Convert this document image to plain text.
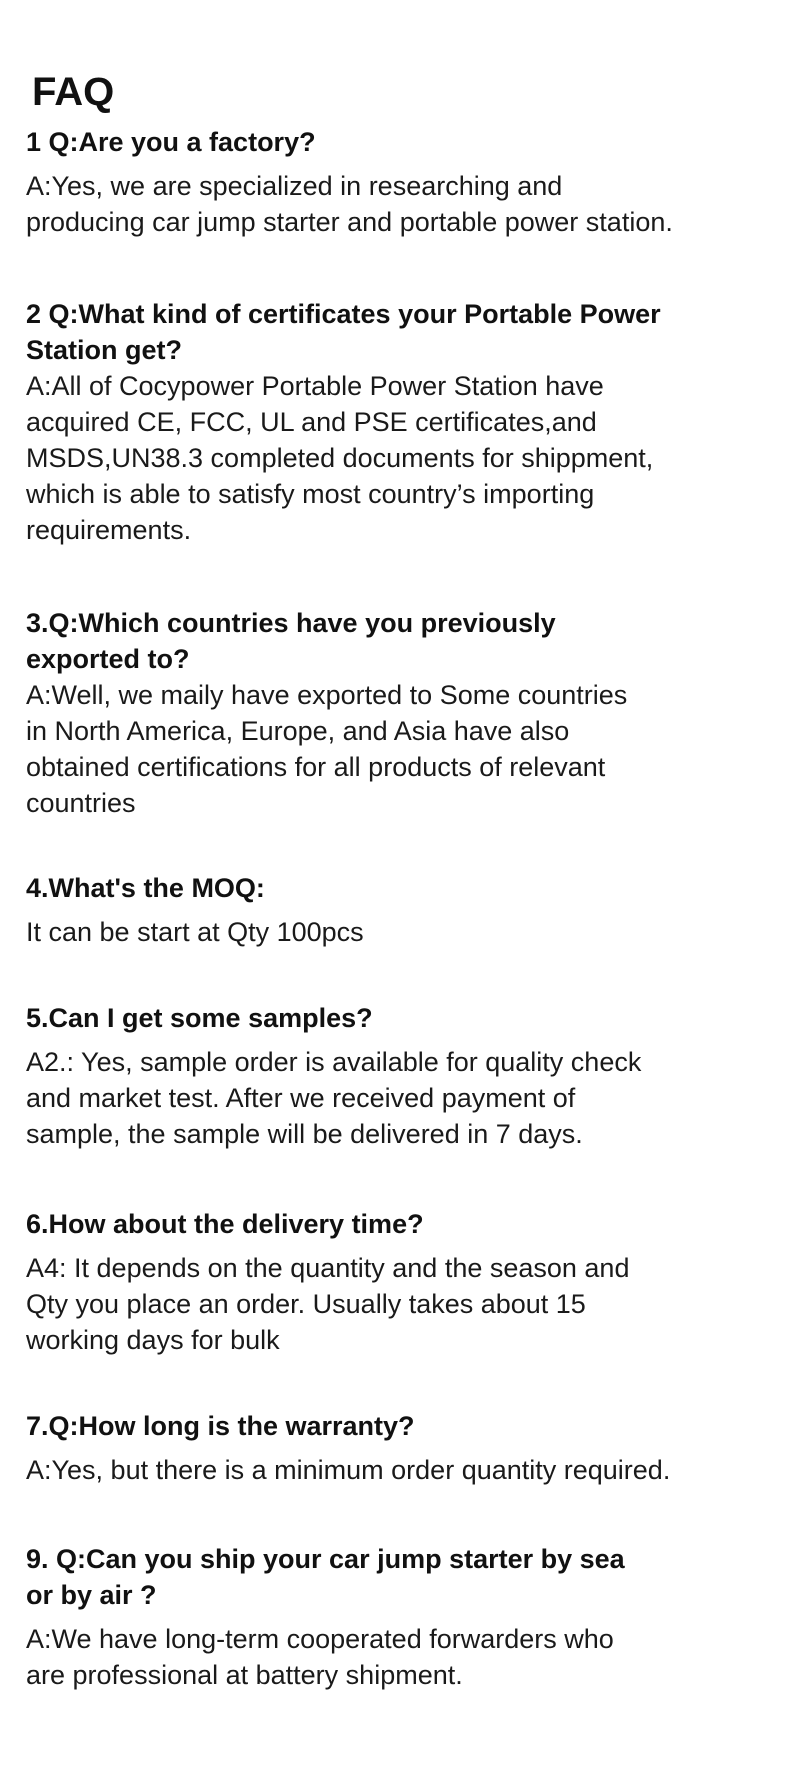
FAQ
1 Q:Are you a factory?
A:Yes, we are specialized in researching and
producing car jump starter and portable power station.
2 Q:What kind of certificates your Portable Power
Station get?
A:All of Cocypower Portable Power Station have
acquired CE, FCC, UL and PSE certificates,and
MSDS,UN38.3 completed documents for shippment,
which is able to satisfy most country’s importing
requirements.
3.Q:Which countries have you previously
exported to?
A:Well, we maily have exported to Some countries
in North America, Europe, and Asia have also
obtained certifications for all products of relevant
countries
4.What's the MOQ:
It can be start at Qty 100pcs
5.Can I get some samples?
A2.: Yes, sample order is available for quality check
and market test. After we received payment of
sample, the sample will be delivered in 7 days.
6.How about the delivery time?
A4: It depends on the quantity and the season and
Qty you place an order. Usually takes about 15
working days for bulk
7.Q:How long is the warranty?
A:Yes, but there is a minimum order quantity required.
9. Q:Can you ship your car jump starter by sea
or by air ?
A:We have long-term cooperated forwarders who
are professional at battery shipment.
